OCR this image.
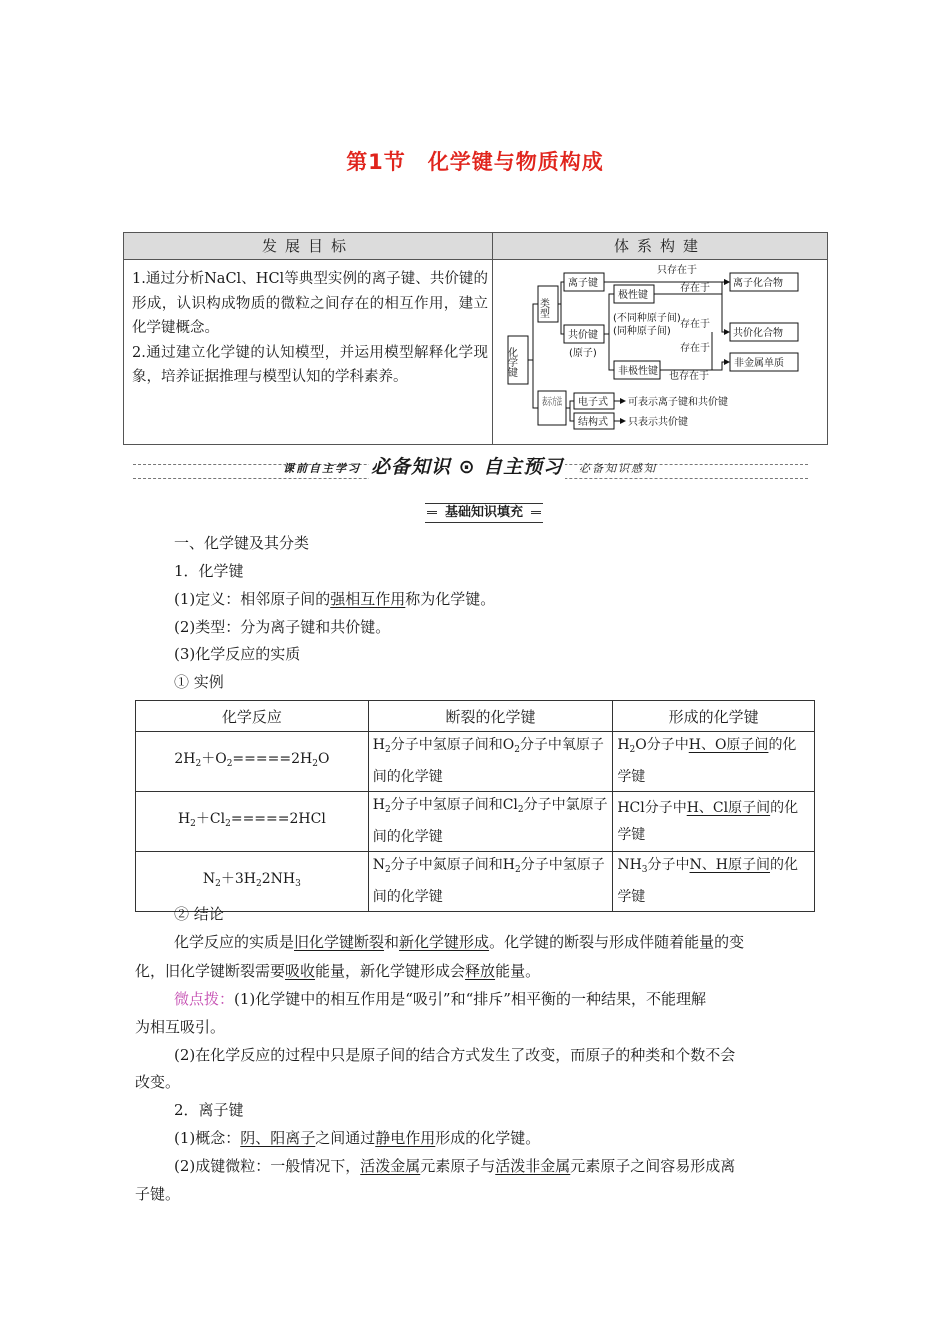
第1节 化学键与物质构成
发展目标	体系构建

1.通过分析NaCl、HCl等典型实例的离子键、共价键的形成，认识构成物质的微粒之间存在的相互作用，建立化学键概念。

2.通过建立化学键的认知模型，并运用模型解释化学现象，培养证据推理与模型认知的学科素养。	化学键
类型
离子键
共价键
(原子)
极性键
非极性键
(不同种原子间)
(同种原子间)
只存在于
存在于
存在于
存在于
也存在于
离子化合物
共价化合物
非金属单质
表示方法
电子式
结构式
可表示离子键和共价键
只表示共价键
课前自主学习 必备知识 ⊙ 自主预习 必备知识感知
基础知识填充
一、化学键及其分类
1．化学键
(1)定义：相邻原子间的强相互作用称为化学键。
(2)类型：分为离子键和共价键。
(3)化学反应的实质
① 实例
化学反应	断裂的化学键	形成的化学键
$2H_2+O_2=====2H_2O$	$H_2$分子中氢原子间和$O_2$分子中氧原子间的化学键	$H_2O$分子中H、O原子间的化学键
$H_2+Cl_2=====2HCl$	$H_2$分子中氢原子间和$Cl_2$分子中氯原子间的化学键	HCl分子中H、Cl原子间的化学键
$N_2+3H_22NH_3$	$N_2$分子中氮原子间和$H_2$分子中氢原子间的化学键	$NH_3$分子中N、H原子间的化学键
② 结论
化学反应的实质是旧化学键断裂和新化学键形成。化学键的断裂与形成伴随着能量的变
化，旧化学键断裂需要吸收能量，新化学键形成会释放能量。
微点拨：(1)化学键中的相互作用是“吸引”和“排斥”相平衡的一种结果，不能理解
为相互吸引。
(2)在化学反应的过程中只是原子间的结合方式发生了改变，而原子的种类和个数不会
改变。
2．离子键
(1)概念：阴、阳离子之间通过静电作用形成的化学键。
(2)成键微粒：一般情况下，活泼金属元素原子与活泼非金属元素原子之间容易形成离
子键。
